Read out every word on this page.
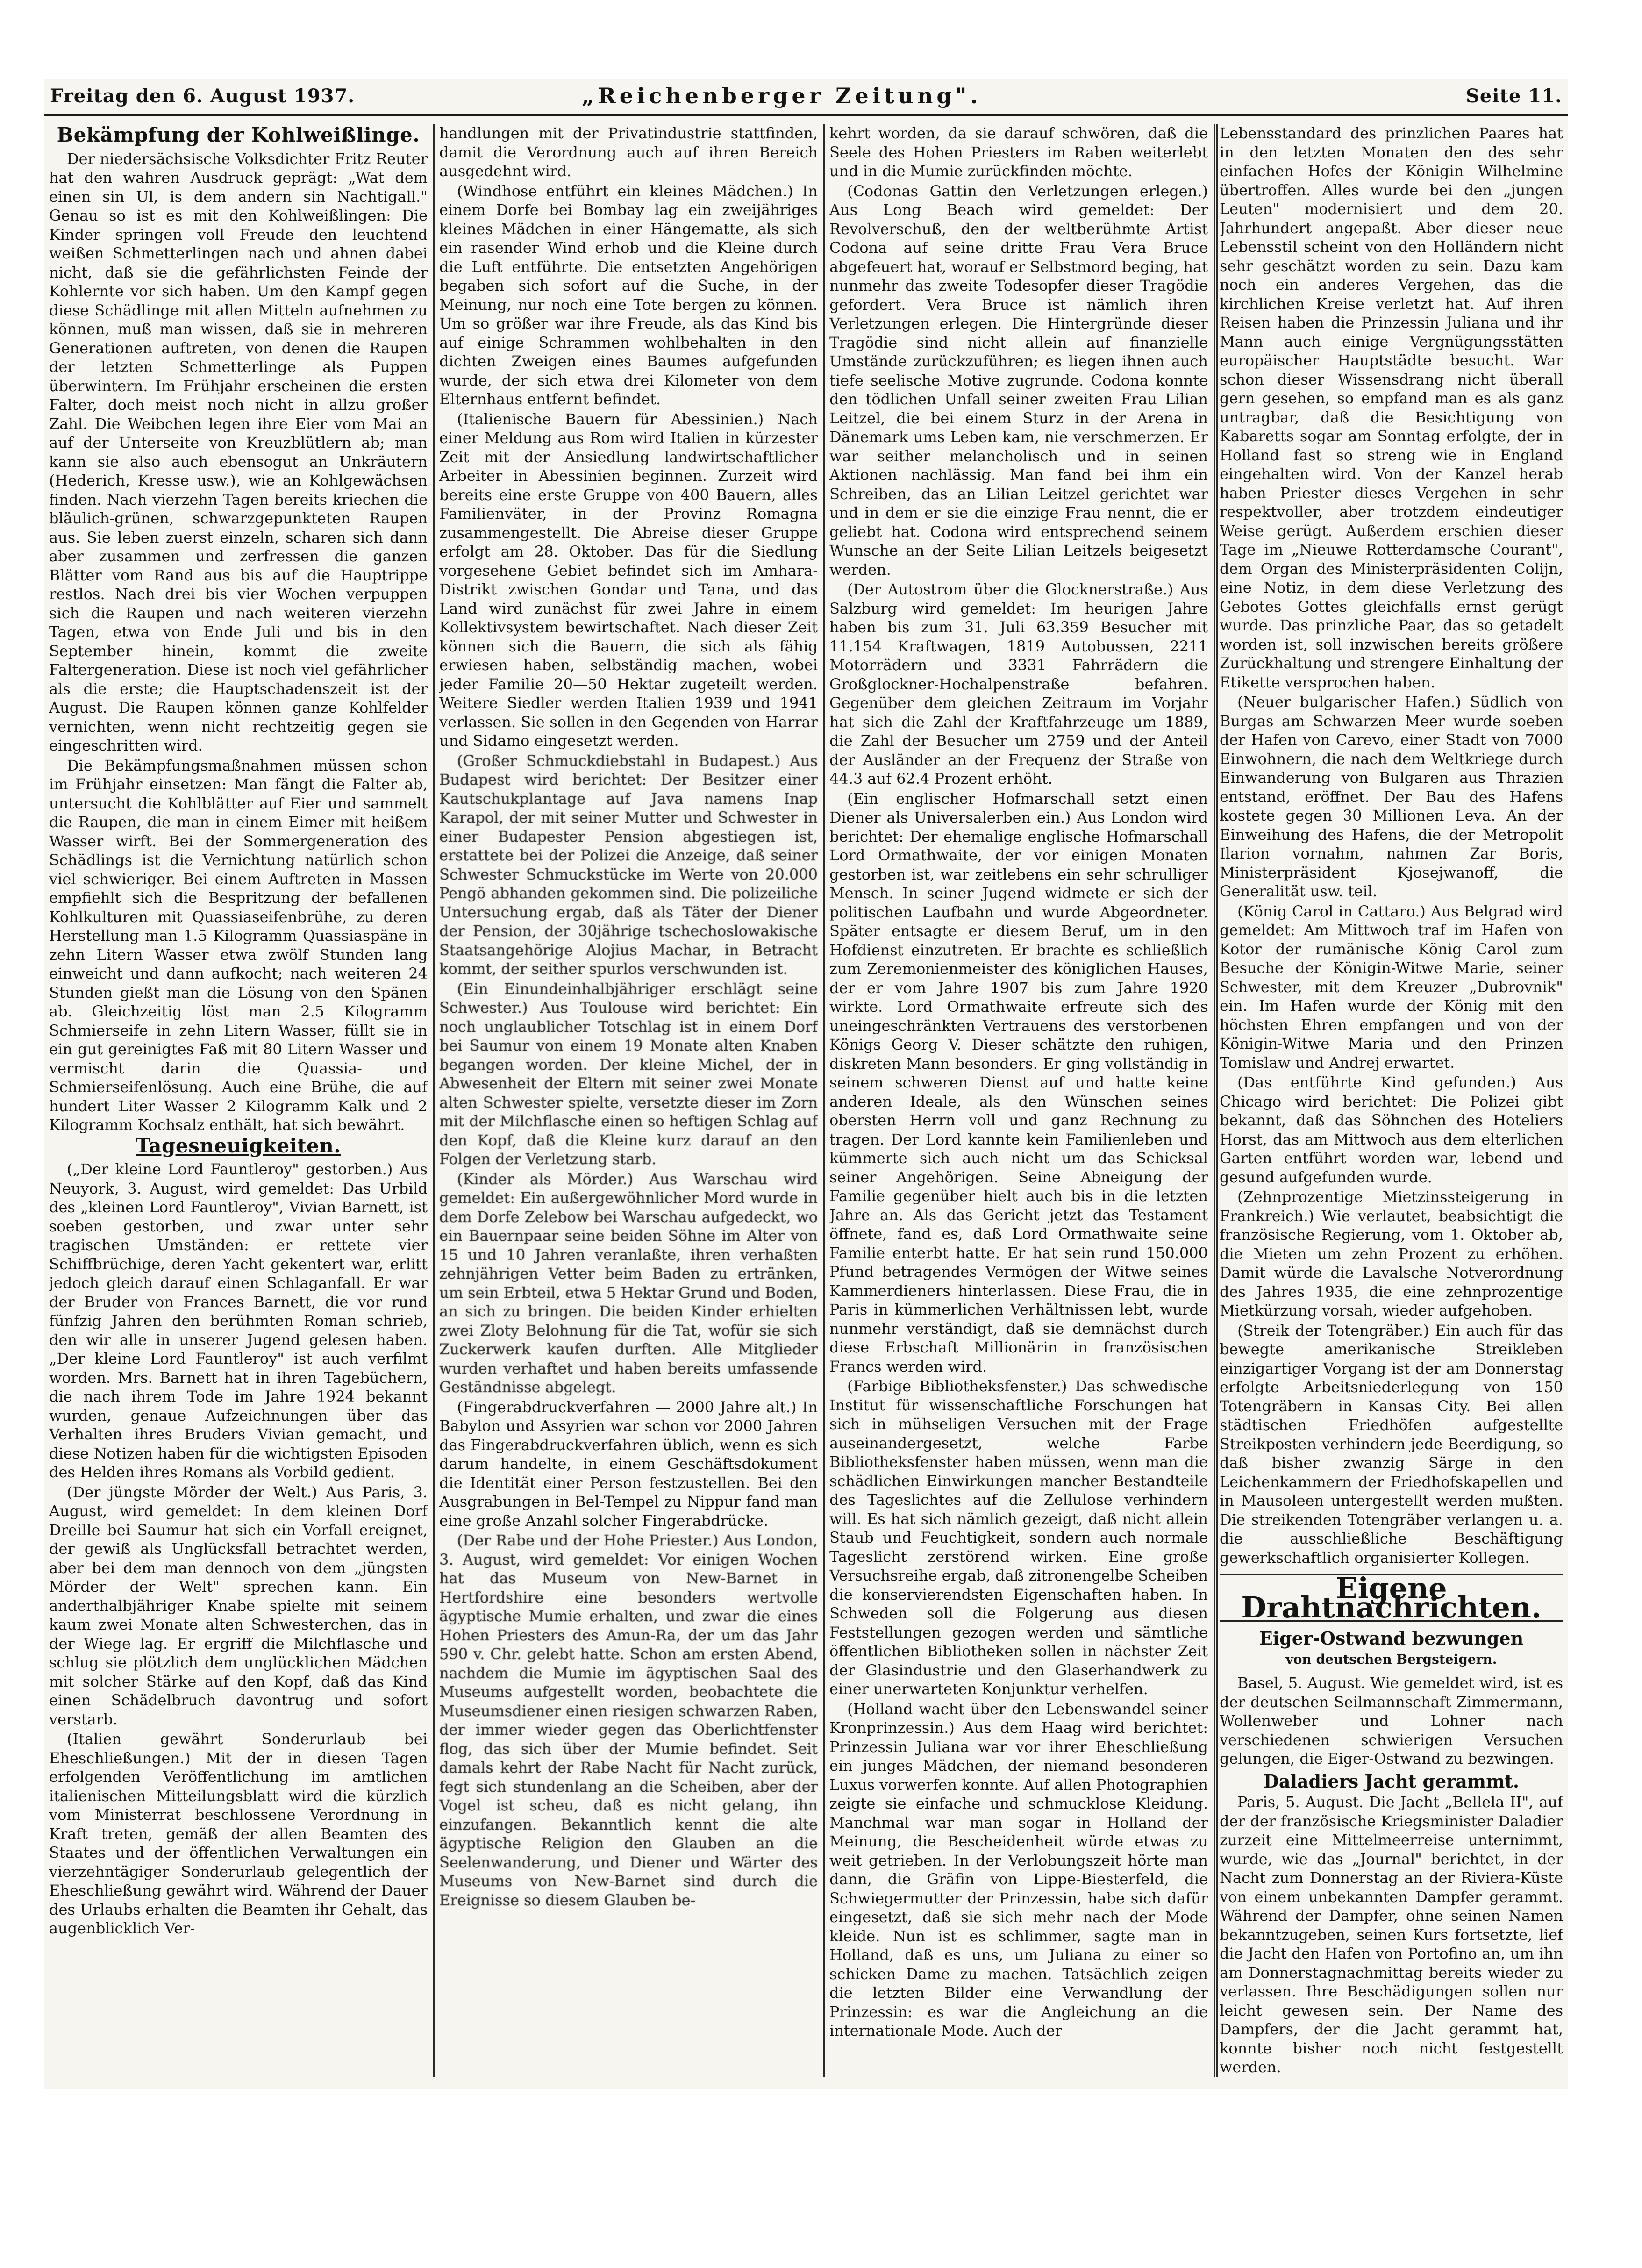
Freitag den 6. August 1937.	„Reichenberger Zeitung".	Seite 11.
Bekämpfung der Kohlweißlinge.

Der niedersächsische Volksdichter Fritz Reuter hat den wahren Ausdruck geprägt: „Wat dem einen sin Ul, is dem andern sin Nachtigall." Genau so ist es mit den Kohlweißlingen: Die Kinder springen voll Freude den leuchtend weißen Schmetterlingen nach und ahnen dabei nicht, daß sie die gefährlichsten Feinde der Kohlernte vor sich haben. Um den Kampf gegen diese Schädlinge mit allen Mitteln aufnehmen zu können, muß man wissen, daß sie in mehreren Generationen auftreten, von denen die Raupen der letzten Schmetterlinge als Puppen überwintern. Im Frühjahr erscheinen die ersten Falter, doch meist noch nicht in allzu großer Zahl. Die Weibchen legen ihre Eier vom Mai an auf der Unterseite von Kreuzblütlern ab; man kann sie also auch ebensogut an Unkräutern (Hederich, Kresse usw.), wie an Kohlgewächsen finden. Nach vierzehn Tagen bereits kriechen die bläulich-grünen, schwarzgepunkteten Raupen aus. Sie leben zuerst einzeln, scharen sich dann aber zusammen und zerfressen die ganzen Blätter vom Rand aus bis auf die Hauptrippe restlos. Nach drei bis vier Wochen verpuppen sich die Raupen und nach weiteren vierzehn Tagen, etwa von Ende Juli und bis in den September hinein, kommt die zweite Faltergeneration. Diese ist noch viel gefährlicher als die erste; die Hauptschadenszeit ist der August. Die Raupen können ganze Kohlfelder vernichten, wenn nicht rechtzeitig gegen sie eingeschritten wird.

Die Bekämpfungsmaßnahmen müssen schon im Frühjahr einsetzen: Man fängt die Falter ab, untersucht die Kohlblätter auf Eier und sammelt die Raupen, die man in einem Eimer mit heißem Wasser wirft. Bei der Sommergeneration des Schädlings ist die Vernichtung natürlich schon viel schwieriger. Bei einem Auftreten in Massen empfiehlt sich die Bespritzung der befallenen Kohlkulturen mit Quassiaseifenbrühe, zu deren Herstellung man 1.5 Kilogramm Quassiaspäne in zehn Litern Wasser etwa zwölf Stunden lang einweicht und dann aufkocht; nach weiteren 24 Stunden gießt man die Lösung von den Spänen ab. Gleichzeitig löst man 2.5 Kilogramm Schmierseife in zehn Litern Wasser, füllt sie in ein gut gereinigtes Faß mit 80 Litern Wasser und vermischt darin die Quassia- und Schmierseifenlösung. Auch eine Brühe, die auf hundert Liter Wasser 2 Kilogramm Kalk und 2 Kilogramm Kochsalz enthält, hat sich bewährt.

Tagesneuigkeiten.

(„Der kleine Lord Fauntleroy" gestorben.) Aus Neuyork, 3. August, wird gemeldet: Das Urbild des „kleinen Lord Fauntleroy", Vivian Barnett, ist soeben gestorben, und zwar unter sehr tragischen Umständen: er rettete vier Schiffbrüchige, deren Yacht gekentert war, erlitt jedoch gleich darauf einen Schlaganfall. Er war der Bruder von Frances Barnett, die vor rund fünfzig Jahren den berühmten Roman schrieb, den wir alle in unserer Jugend gelesen haben. „Der kleine Lord Fauntleroy" ist auch verfilmt worden. Mrs. Barnett hat in ihren Tagebüchern, die nach ihrem Tode im Jahre 1924 bekannt wurden, genaue Aufzeichnungen über das Verhalten ihres Bruders Vivian gemacht, und diese Notizen haben für die wichtigsten Episoden des Helden ihres Romans als Vorbild gedient.

(Der jüngste Mörder der Welt.) Aus Paris, 3. August, wird gemeldet: In dem kleinen Dorf Dreille bei Saumur hat sich ein Vorfall ereignet, der gewiß als Unglücksfall betrachtet werden, aber bei dem man dennoch von dem „jüngsten Mörder der Welt" sprechen kann. Ein anderthalbjähriger Knabe spielte mit seinem kaum zwei Monate alten Schwesterchen, das in der Wiege lag. Er ergriff die Milchflasche und schlug sie plötzlich dem unglücklichen Mädchen mit solcher Stärke auf den Kopf, daß das Kind einen Schädelbruch davontrug und sofort verstarb.

(Italien gewährt Sonderurlaub bei Eheschließungen.) Mit der in diesen Tagen erfolgenden Veröffentlichung im amtlichen italienischen Mitteilungsblatt wird die kürzlich vom Ministerrat beschlossene Verordnung in Kraft treten, gemäß der allen Beamten des Staates und der öffentlichen Verwaltungen ein vierzehntägiger Sonderurlaub gelegentlich der Eheschließung gewährt wird. Während der Dauer des Urlaubs erhalten die Beamten ihr Gehalt, das augenblicklich Ver-

handlungen mit der Privatindustrie stattfinden, damit die Verordnung auch auf ihren Bereich ausgedehnt wird.

(Windhose entführt ein kleines Mädchen.) In einem Dorfe bei Bombay lag ein zweijähriges kleines Mädchen in einer Hängematte, als sich ein rasender Wind erhob und die Kleine durch die Luft entführte. Die entsetzten Angehörigen begaben sich sofort auf die Suche, in der Meinung, nur noch eine Tote bergen zu können. Um so größer war ihre Freude, als das Kind bis auf einige Schrammen wohlbehalten in den dichten Zweigen eines Baumes aufgefunden wurde, der sich etwa drei Kilometer von dem Elternhaus entfernt befindet.

(Italienische Bauern für Abessinien.) Nach einer Meldung aus Rom wird Italien in kürzester Zeit mit der Ansiedlung landwirtschaftlicher Arbeiter in Abessinien beginnen. Zurzeit wird bereits eine erste Gruppe von 400 Bauern, alles Familienväter, in der Provinz Romagna zusammengestellt. Die Abreise dieser Gruppe erfolgt am 28. Oktober. Das für die Siedlung vorgesehene Gebiet befindet sich im Amhara-Distrikt zwischen Gondar und Tana, und das Land wird zunächst für zwei Jahre in einem Kollektivsystem bewirtschaftet. Nach dieser Zeit können sich die Bauern, die sich als fähig erwiesen haben, selbständig machen, wobei jeder Familie 20—50 Hektar zugeteilt werden. Weitere Siedler werden Italien 1939 und 1941 verlassen. Sie sollen in den Gegenden von Harrar und Sidamo eingesetzt werden.

(Großer Schmuckdiebstahl in Budapest.) Aus Budapest wird berichtet: Der Besitzer einer Kautschukplantage auf Java namens Inap Karapol, der mit seiner Mutter und Schwester in einer Budapester Pension abgestiegen ist, erstattete bei der Polizei die Anzeige, daß seiner Schwester Schmuckstücke im Werte von 20.000 Pengö abhanden gekommen sind. Die polizeiliche Untersuchung ergab, daß als Täter der Diener der Pension, der 30jährige tschechoslowakische Staatsangehörige Alojius Machar, in Betracht kommt, der seither spurlos verschwunden ist.

(Ein Einundeinhalbjähriger erschlägt seine Schwester.) Aus Toulouse wird berichtet: Ein noch unglaublicher Totschlag ist in einem Dorf bei Saumur von einem 19 Monate alten Knaben begangen worden. Der kleine Michel, der in Abwesenheit der Eltern mit seiner zwei Monate alten Schwester spielte, versetzte dieser im Zorn mit der Milchflasche einen so heftigen Schlag auf den Kopf, daß die Kleine kurz darauf an den Folgen der Verletzung starb.

(Kinder als Mörder.) Aus Warschau wird gemeldet: Ein außergewöhnlicher Mord wurde in dem Dorfe Zelebow bei Warschau aufgedeckt, wo ein Bauernpaar seine beiden Söhne im Alter von 15 und 10 Jahren veranlaßte, ihren verhaßten zehnjährigen Vetter beim Baden zu ertränken, um sein Erbteil, etwa 5 Hektar Grund und Boden, an sich zu bringen. Die beiden Kinder erhielten zwei Zloty Belohnung für die Tat, wofür sie sich Zuckerwerk kaufen durften. Alle Mitglieder wurden verhaftet und haben bereits umfassende Geständnisse abgelegt.

(Fingerabdruckverfahren — 2000 Jahre alt.) In Babylon und Assyrien war schon vor 2000 Jahren das Fingerabdruckverfahren üblich, wenn es sich darum handelte, in einem Geschäftsdokument die Identität einer Person festzustellen. Bei den Ausgrabungen in Bel-Tempel zu Nippur fand man eine große Anzahl solcher Fingerabdrücke.

(Der Rabe und der Hohe Priester.) Aus London, 3. August, wird gemeldet: Vor einigen Wochen hat das Museum von New-Barnet in Hertfordshire eine besonders wertvolle ägyptische Mumie erhalten, und zwar die eines Hohen Priesters des Amun-Ra, der um das Jahr 590 v. Chr. gelebt hatte. Schon am ersten Abend, nachdem die Mumie im ägyptischen Saal des Museums aufgestellt worden, beobachtete die Museumsdiener einen riesigen schwarzen Raben, der immer wieder gegen das Oberlichtfenster flog, das sich über der Mumie befindet. Seit damals kehrt der Rabe Nacht für Nacht zurück, fegt sich stundenlang an die Scheiben, aber der Vogel ist scheu, daß es nicht gelang, ihn einzufangen. Bekanntlich kennt die alte ägyptische Religion den Glauben an die Seelenwanderung, und Diener und Wärter des Museums von New-Barnet sind durch die Ereignisse so diesem Glauben be-

kehrt worden, da sie darauf schwören, daß die Seele des Hohen Priesters im Raben weiterlebt und in die Mumie zurückfinden möchte.

(Codonas Gattin den Verletzungen erlegen.) Aus Long Beach wird gemeldet: Der Revolverschuß, den der weltberühmte Artist Codona auf seine dritte Frau Vera Bruce abgefeuert hat, worauf er Selbstmord beging, hat nunmehr das zweite Todesopfer dieser Tragödie gefordert. Vera Bruce ist nämlich ihren Verletzungen erlegen. Die Hintergründe dieser Tragödie sind nicht allein auf finanzielle Umstände zurückzuführen; es liegen ihnen auch tiefe seelische Motive zugrunde. Codona konnte den tödlichen Unfall seiner zweiten Frau Lilian Leitzel, die bei einem Sturz in der Arena in Dänemark ums Leben kam, nie verschmerzen. Er war seither melancholisch und in seinen Aktionen nachlässig. Man fand bei ihm ein Schreiben, das an Lilian Leitzel gerichtet war und in dem er sie die einzige Frau nennt, die er geliebt hat. Codona wird entsprechend seinem Wunsche an der Seite Lilian Leitzels beigesetzt werden.

(Der Autostrom über die Glocknerstraße.) Aus Salzburg wird gemeldet: Im heurigen Jahre haben bis zum 31. Juli 63.359 Besucher mit 11.154 Kraftwagen, 1819 Autobussen, 2211 Motorrädern und 3331 Fahrrädern die Großglockner-Hochalpenstraße befahren. Gegenüber dem gleichen Zeitraum im Vorjahr hat sich die Zahl der Kraftfahrzeuge um 1889, die Zahl der Besucher um 2759 und der Anteil der Ausländer an der Frequenz der Straße von 44.3 auf 62.4 Prozent erhöht.

(Ein englischer Hofmarschall setzt einen Diener als Universalerben ein.) Aus London wird berichtet: Der ehemalige englische Hofmarschall Lord Ormathwaite, der vor einigen Monaten gestorben ist, war zeitlebens ein sehr schrulliger Mensch. In seiner Jugend widmete er sich der politischen Laufbahn und wurde Abgeordneter. Später entsagte er diesem Beruf, um in den Hofdienst einzutreten. Er brachte es schließlich zum Zeremonienmeister des königlichen Hauses, der er vom Jahre 1907 bis zum Jahre 1920 wirkte. Lord Ormathwaite erfreute sich des uneingeschränkten Vertrauens des verstorbenen Königs Georg V. Dieser schätzte den ruhigen, diskreten Mann besonders. Er ging vollständig in seinem schweren Dienst auf und hatte keine anderen Ideale, als den Wünschen seines obersten Herrn voll und ganz Rechnung zu tragen. Der Lord kannte kein Familienleben und kümmerte sich auch nicht um das Schicksal seiner Angehörigen. Seine Abneigung der Familie gegenüber hielt auch bis in die letzten Jahre an. Als das Gericht jetzt das Testament öffnete, fand es, daß Lord Ormathwaite seine Familie enterbt hatte. Er hat sein rund 150.000 Pfund betragendes Vermögen der Witwe seines Kammerdieners hinterlassen. Diese Frau, die in Paris in kümmerlichen Verhältnissen lebt, wurde nunmehr verständigt, daß sie demnächst durch diese Erbschaft Millionärin in französischen Francs werden wird.

(Farbige Bibliotheksfenster.) Das schwedische Institut für wissenschaftliche Forschungen hat sich in mühseligen Versuchen mit der Frage auseinandergesetzt, welche Farbe Bibliotheksfenster haben müssen, wenn man die schädlichen Einwirkungen mancher Bestandteile des Tageslichtes auf die Zellulose verhindern will. Es hat sich nämlich gezeigt, daß nicht allein Staub und Feuchtigkeit, sondern auch normale Tageslicht zerstörend wirken. Eine große Versuchsreihe ergab, daß zitronengelbe Scheiben die konservierendsten Eigenschaften haben. In Schweden soll die Folgerung aus diesen Feststellungen gezogen werden und sämtliche öffentlichen Bibliotheken sollen in nächster Zeit der Glasindustrie und den Glaserhandwerk zu einer unerwarteten Konjunktur verhelfen.

(Holland wacht über den Lebenswandel seiner Kronprinzessin.) Aus dem Haag wird berichtet: Prinzessin Juliana war vor ihrer Eheschließung ein junges Mädchen, der niemand besonderen Luxus vorwerfen konnte. Auf allen Photographien zeigte sie einfache und schmucklose Kleidung. Manchmal war man sogar in Holland der Meinung, die Bescheidenheit würde etwas zu weit getrieben. In der Verlobungszeit hörte man dann, die Gräfin von Lippe-Biesterfeld, die Schwiegermutter der Prinzessin, habe sich dafür eingesetzt, daß sie sich mehr nach der Mode kleide. Nun ist es schlimmer, sagte man in Holland, daß es uns, um Juliana zu einer so schicken Dame zu machen. Tatsächlich zeigen die letzten Bilder eine Verwandlung der Prinzessin: es war die Angleichung an die internationale Mode. Auch der

Lebensstandard des prinzlichen Paares hat in den letzten Monaten den des sehr einfachen Hofes der Königin Wilhelmine übertroffen. Alles wurde bei den „jungen Leuten" modernisiert und dem 20. Jahrhundert angepaßt. Aber dieser neue Lebensstil scheint von den Holländern nicht sehr geschätzt worden zu sein. Dazu kam noch ein anderes Vergehen, das die kirchlichen Kreise verletzt hat. Auf ihren Reisen haben die Prinzessin Juliana und ihr Mann auch einige Vergnügungsstätten europäischer Hauptstädte besucht. War schon dieser Wissensdrang nicht überall gern gesehen, so empfand man es als ganz untragbar, daß die Besichtigung von Kabaretts sogar am Sonntag erfolgte, der in Holland fast so streng wie in England eingehalten wird. Von der Kanzel herab haben Priester dieses Vergehen in sehr respektvoller, aber trotzdem eindeutiger Weise gerügt. Außerdem erschien dieser Tage im „Nieuwe Rotterdamsche Courant", dem Organ des Ministerpräsidenten Colijn, eine Notiz, in dem diese Verletzung des Gebotes Gottes gleichfalls ernst gerügt wurde. Das prinzliche Paar, das so getadelt worden ist, soll inzwischen bereits größere Zurückhaltung und strengere Einhaltung der Etikette versprochen haben.

(Neuer bulgarischer Hafen.) Südlich von Burgas am Schwarzen Meer wurde soeben der Hafen von Carevo, einer Stadt von 7000 Einwohnern, die nach dem Weltkriege durch Einwanderung von Bulgaren aus Thrazien entstand, eröffnet. Der Bau des Hafens kostete gegen 30 Millionen Leva. An der Einweihung des Hafens, die der Metropolit Ilarion vornahm, nahmen Zar Boris, Ministerpräsident Kjosejwanoff, die Generalität usw. teil.

(König Carol in Cattaro.) Aus Belgrad wird gemeldet: Am Mittwoch traf im Hafen von Kotor der rumänische König Carol zum Besuche der Königin-Witwe Marie, seiner Schwester, mit dem Kreuzer „Dubrovnik" ein. Im Hafen wurde der König mit den höchsten Ehren empfangen und von der Königin-Witwe Maria und den Prinzen Tomislaw und Andrej erwartet.

(Das entführte Kind gefunden.) Aus Chicago wird berichtet: Die Polizei gibt bekannt, daß das Söhnchen des Hoteliers Horst, das am Mittwoch aus dem elterlichen Garten entführt worden war, lebend und gesund aufgefunden wurde.

(Zehnprozentige Mietzinssteigerung in Frankreich.) Wie verlautet, beabsichtigt die französische Regierung, vom 1. Oktober ab, die Mieten um zehn Prozent zu erhöhen. Damit würde die Lavalsche Notverordnung des Jahres 1935, die eine zehnprozentige Mietkürzung vorsah, wieder aufgehoben.

(Streik der Totengräber.) Ein auch für das bewegte amerikanische Streikleben einzigartiger Vorgang ist der am Donnerstag erfolgte Arbeitsniederlegung von 150 Totengräbern in Kansas City. Bei allen städtischen Friedhöfen aufgestellte Streikposten verhindern jede Beerdigung, so daß bisher zwanzig Särge in den Leichenkammern der Friedhofskapellen und in Mausoleen untergestellt werden mußten. Die streikenden Totengräber verlangen u. a. die ausschließliche Beschäftigung gewerkschaftlich organisierter Kollegen.

Eigene Drahtnachrichten.
Eiger-Ostwand bezwungen
von deutschen Bergsteigern.

Basel, 5. August. Wie gemeldet wird, ist es der deutschen Seilmannschaft Zimmermann, Wollenweber und Lohner nach verschiedenen schwierigen Versuchen gelungen, die Eiger-Ostwand zu bezwingen.

Daladiers Jacht gerammt.

Paris, 5. August. Die Jacht „Bellela II", auf der der französische Kriegsminister Daladier zurzeit eine Mittelmeerreise unternimmt, wurde, wie das „Journal" berichtet, in der Nacht zum Donnerstag an der Riviera-Küste von einem unbekannten Dampfer gerammt. Während der Dampfer, ohne seinen Namen bekanntzugeben, seinen Kurs fortsetzte, lief die Jacht den Hafen von Portofino an, um ihn am Donnerstagnachmittag bereits wieder zu verlassen. Ihre Beschädigungen sollen nur leicht gewesen sein. Der Name des Dampfers, der die Jacht gerammt hat, konnte bisher noch nicht festgestellt werden.
